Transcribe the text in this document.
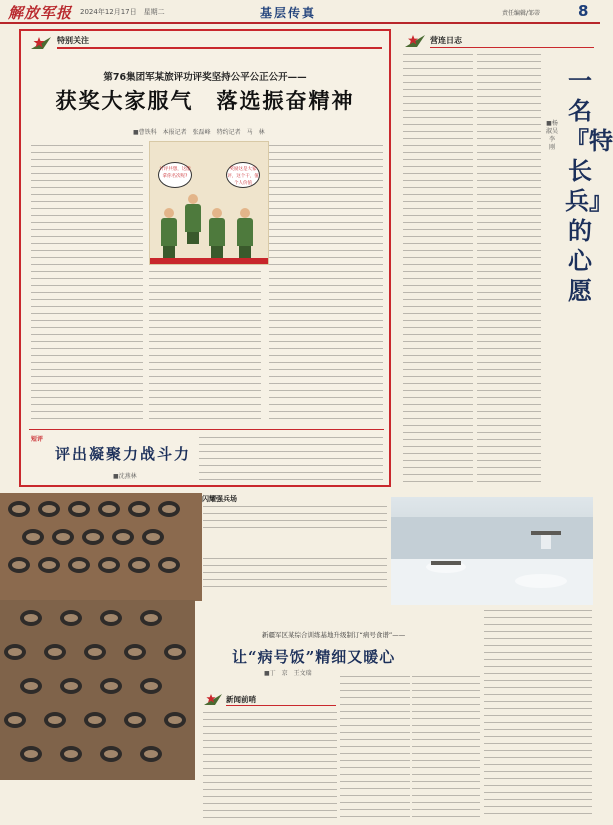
解放军报 2024年12月17日　星期二	基层传真	责任编辑/邹蒂	8
特别关注
第76集团军某旅评功评奖坚持公平公正公开——
获奖大家服气　落选振奋精神
■曹铁科　本报记者　张磊峰　特约记者　马　林
计评共想，这能拿你名次呢?
奖励这是大家评，这个干，值个人价值
短评
评出凝聚力战斗力
■沈燕林
营连日志
一名『特长兵』的心愿
■杨淑吴　李　刚
闪耀强兵场
新疆军区某综合训练基地升级制订“病号食谱”——
让“病号饭”精细又暖心
■丁　京　王文瑞
新闻前哨
